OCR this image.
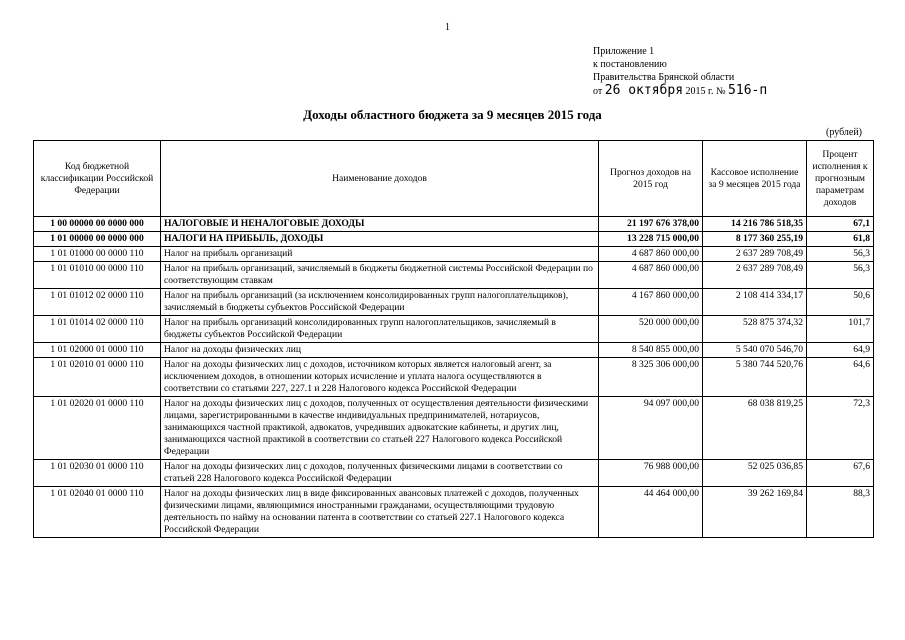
1
Приложение 1
к постановлению
Правительства Брянской области
от 26 октября 2015 г. № 516-п
Доходы областного бюджета за 9 месяцев 2015 года
(рублей)
Код бюджетной классификации Российской Федерации	Наименование доходов	Прогноз доходов на 2015 год	Кассовое исполнение за 9 месяцев 2015 года	Процент исполнения к прогнозным параметрам доходов
1 00 00000 00 0000 000	НАЛОГОВЫЕ И НЕНАЛОГОВЫЕ ДОХОДЫ	21 197 676 378,00	14 216 786 518,35	67,1
1 01 00000 00 0000 000	НАЛОГИ НА ПРИБЫЛЬ, ДОХОДЫ	13 228 715 000,00	8 177 360 255,19	61,8
1 01 01000 00 0000 110	Налог на прибыль организаций	4 687 860 000,00	2 637 289 708,49	56,3
1 01 01010 00 0000 110	Налог на прибыль организаций, зачисляемый в бюджеты бюджетной системы Российской Федерации по соответствующим ставкам	4 687 860 000,00	2 637 289 708,49	56,3
1 01 01012 02 0000 110	Налог на прибыль организаций (за исключением консолидированных групп налогоплательщиков), зачисляемый в бюджеты субъектов Российской Федерации	4 167 860 000,00	2 108 414 334,17	50,6
1 01 01014 02 0000 110	Налог на прибыль организаций консолидированных групп налогоплательщиков, зачисляемый в бюджеты субъектов Российской Федерации	520 000 000,00	528 875 374,32	101,7
1 01 02000 01 0000 110	Налог на доходы физических лиц	8 540 855 000,00	5 540 070 546,70	64,9
1 01 02010 01 0000 110	Налог на доходы физических лиц с доходов, источником которых является налоговый агент, за исключением доходов, в отношении которых исчисление и уплата налога осуществляются в соответствии со статьями 227, 227.1 и 228 Налогового кодекса Российской Федерации	8 325 306 000,00	5 380 744 520,76	64,6
1 01 02020 01 0000 110	Налог на доходы физических лиц с доходов, полученных от осуществления деятельности физическими лицами, зарегистрированными в качестве индивидуальных предпринимателей, нотариусов, занимающихся частной практикой, адвокатов, учредивших адвокатские кабинеты, и других лиц, занимающихся частной практикой в соответствии со статьей 227 Налогового кодекса Российской Федерации	94 097 000,00	68 038 819,25	72,3
1 01 02030 01 0000 110	Налог на доходы физических лиц с доходов, полученных физическими лицами в соответствии со статьей 228 Налогового кодекса Российской Федерации	76 988 000,00	52 025 036,85	67,6
1 01 02040 01 0000 110	Налог на доходы физических лиц в виде фиксированных авансовых платежей с доходов, полученных физическими лицами, являющимися иностранными гражданами, осуществляющими трудовую деятельность по найму на основании патента в соответствии со статьей 227.1 Налогового кодекса Российской Федерации	44 464 000,00	39 262 169,84	88,3
